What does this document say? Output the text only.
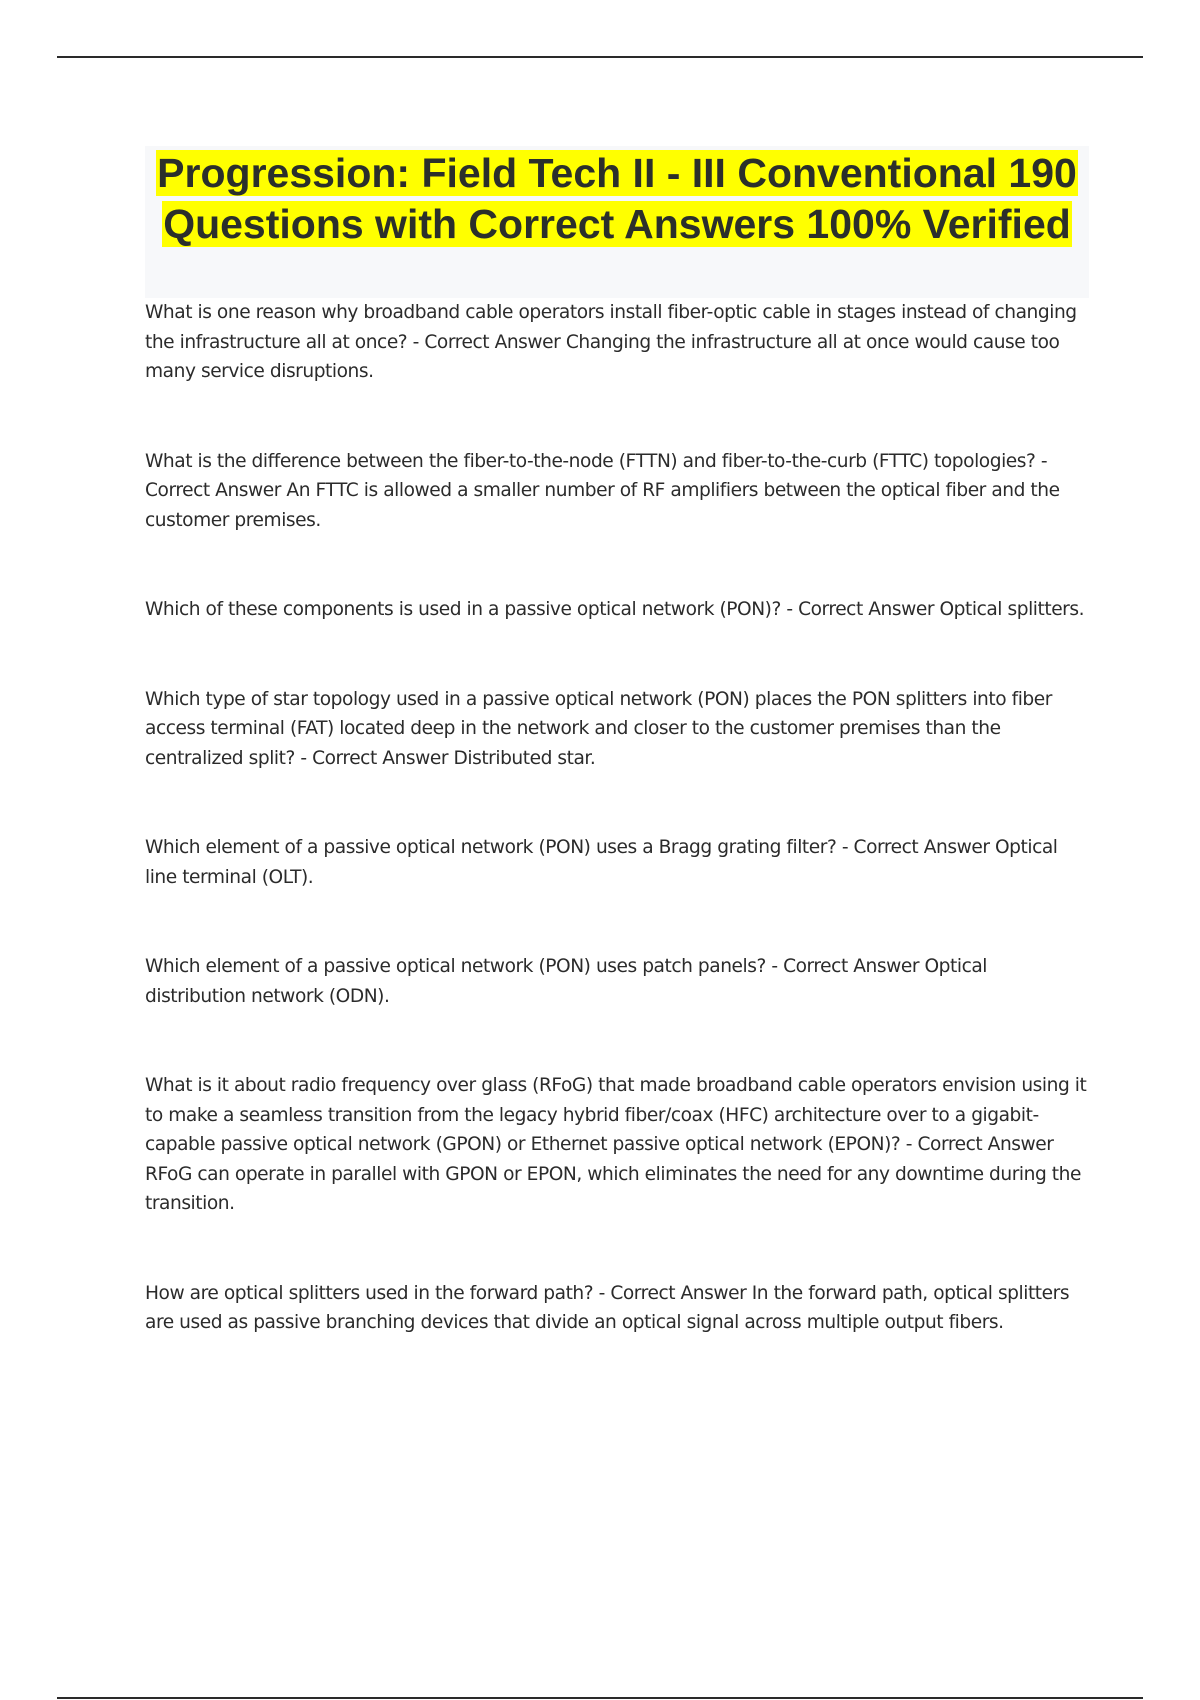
Progression: Field Tech II - III Conventional 190 Questions with Correct Answers 100% Verified
What is one reason why broadband cable operators install fiber-optic cable in stages instead of changing the infrastructure all at once? - Correct Answer Changing the infrastructure all at once would cause too many service disruptions.
What is the difference between the fiber-to-the-node (FTTN) and fiber-to-the-curb (FTTC) topologies? - Correct Answer An FTTC is allowed a smaller number of RF amplifiers between the optical fiber and the customer premises.
Which of these components is used in a passive optical network (PON)? - Correct Answer Optical splitters.
Which type of star topology used in a passive optical network (PON) places the PON splitters into fiber access terminal (FAT) located deep in the network and closer to the customer premises than the centralized split? - Correct Answer Distributed star.
Which element of a passive optical network (PON) uses a Bragg grating filter? - Correct Answer Optical line terminal (OLT).
Which element of a passive optical network (PON) uses patch panels? - Correct Answer Optical distribution network (ODN).
What is it about radio frequency over glass (RFoG) that made broadband cable operators envision using it to make a seamless transition from the legacy hybrid fiber/coax (HFC) architecture over to a gigabit-capable passive optical network (GPON) or Ethernet passive optical network (EPON)? - Correct Answer RFoG can operate in parallel with GPON or EPON, which eliminates the need for any downtime during the transition.
How are optical splitters used in the forward path? - Correct Answer In the forward path, optical splitters are used as passive branching devices that divide an optical signal across multiple output fibers.
